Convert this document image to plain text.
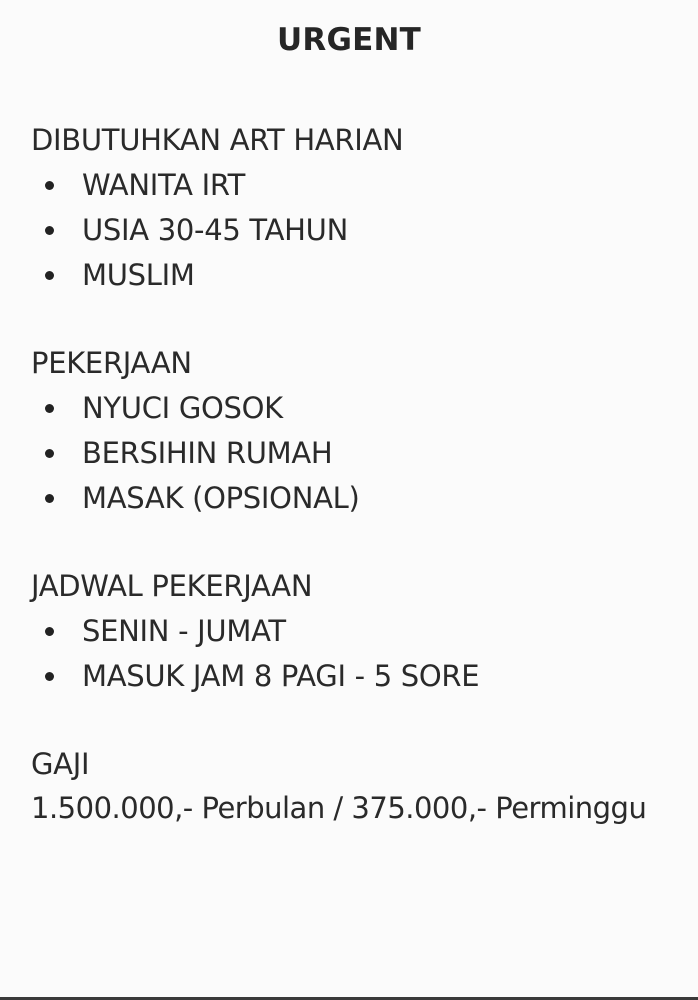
URGENT
DIBUTUHKAN ART HARIAN
WANITA IRT
USIA 30-45 TAHUN
MUSLIM
PEKERJAAN
NYUCI GOSOK
BERSIHIN RUMAH
MASAK (OPSIONAL)
JADWAL PEKERJAAN
SENIN - JUMAT
MASUK JAM 8 PAGI - 5 SORE
GAJI
1.500.000,- Perbulan / 375.000,- Perminggu
